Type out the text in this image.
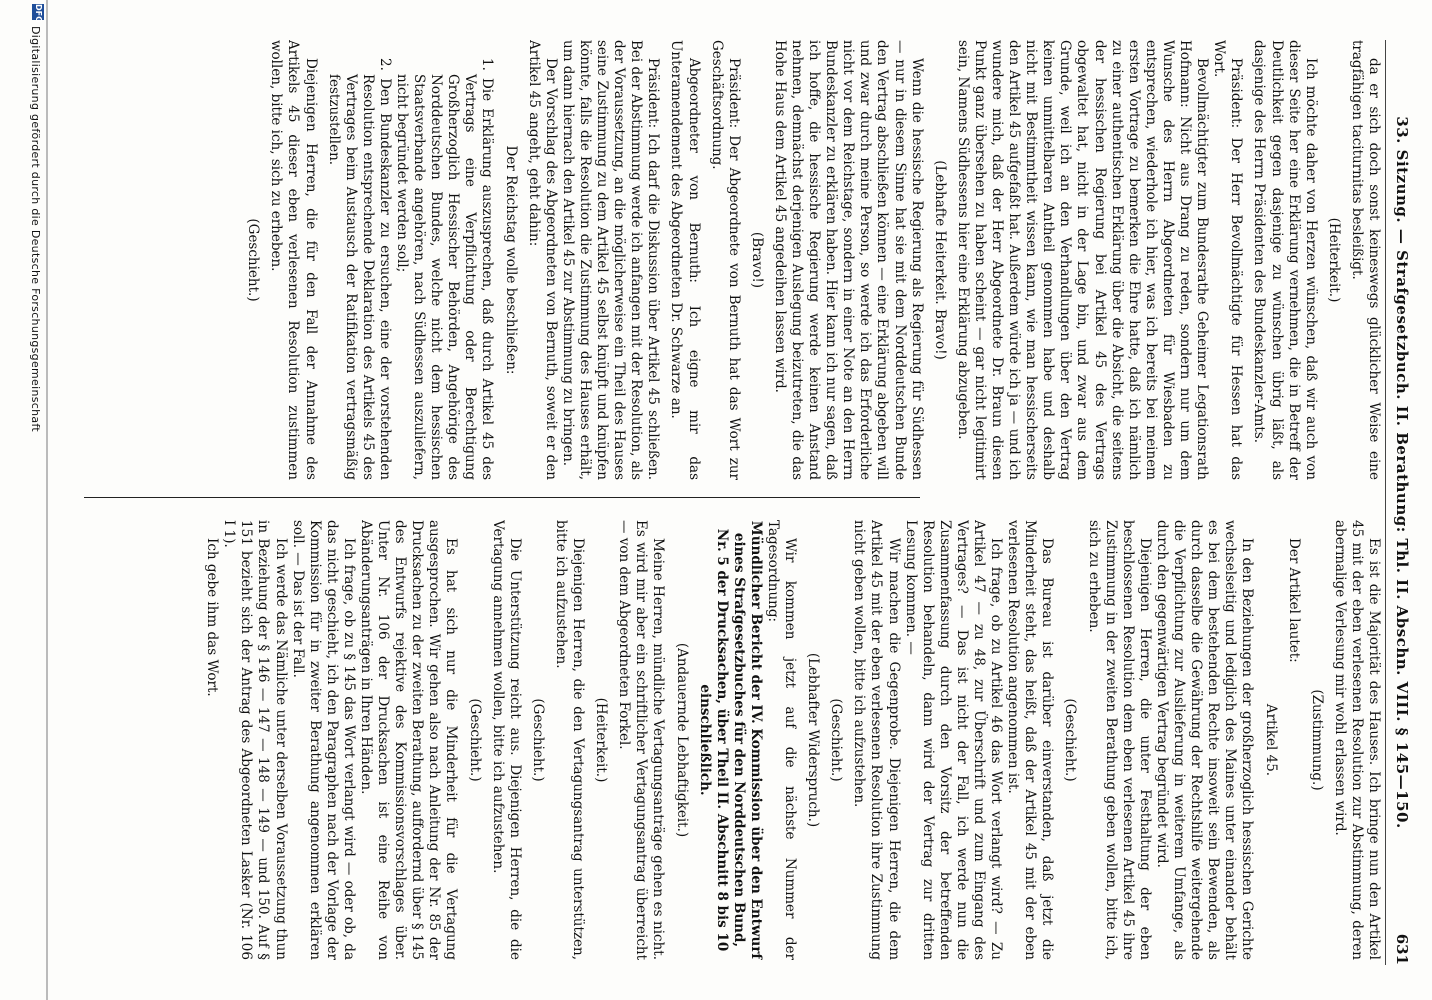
33. Sitzung. — Strafgesetzbuch. II. Berathung: Thl. II. Abschn. VIII. § 145—150.
631

da er sich doch sonst keineswegs glücklicher Weise eine tragfähigen taciturnitas besleißigt.

(Heiterkeit.)

Ich möchte daher von Herzen wünschen, daß wir auch von dieser Seite her eine Erklärung vernehmen, die in Betreff der Deutlichkeit gegen dasjenige zu wünschen übrig läßt, als dasjenige des Herrn Präsidenten des Bundeskanzler-Amts.

Präsident: Der Herr Bevollmächtigte für Hessen hat das Wort.

Bevollmächtigter zum Bundesrathe Geheimer Legationsrath Hofmann: Nicht aus Drang zu reden, sondern nur um dem Wunsche des Herrn Abgeordneten für Wiesbaden zu entsprechen, wiederhole ich hier, was ich bereits bei meinem ersten Vortrage zu bemerken die Ehre hatte, daß ich nämlich zu einer authentischen Erklärung über die Absicht, die seitens der hessischen Regierung bei Artikel 45 des Vertrags obgewaltet hat, nicht in der Lage bin, und zwar aus dem Grunde, weil ich an den Verhandlungen über den Vertrag keinen unmittelbaren Antheil genommen habe und deshalb nicht mit Bestimmtheit wissen kann, wie man hessischerseits den Artikel 45 aufgefaßt hat. Außerdem würde ich ja — und ich wundere mich, daß der Herr Abgeordnete Dr. Braun diesen Punkt ganz übersehen zu haben scheint — gar nicht legitimirt sein, Namens Südhessens hier eine Erklärung abzugeben.

(Lebhafte Heiterkeit. Bravo!)

Wenn die hessische Regierung als Regierung für Südhessen — nur in diesem Sinne hat sie mit dem Norddeutschen Bunde den Vertrag abschließen können — eine Erklärung abgeben will und zwar durch meine Person, so werde ich das Erforderliche nicht vor dem Reichstage, sondern in einer Note an den Herrn Bundeskanzler zu erklären haben. Hier kann ich nur sagen, daß ich hoffe, die hessische Regierung werde keinen Anstand nehmen, demnächst derjenigen Auslegung beizutreten, die das Hohe Haus dem Artikel 45 angedeihen lassen wird.

(Bravo!)

Präsident: Der Abgeordnete von Bernuth hat das Wort zur Geschäftsordnung.

Abgeordneter von Bernuth: Ich eigne mir das Unteramendement des Abgeordneten Dr. Schwarze an.

Präsident: Ich darf die Diskussion über Artikel 45 schließen. Bei der Abstimmung werde ich anfangen mit der Resolution, als der Voraussetzung, an die möglicherweise ein Theil des Hauses seine Zustimmung zu dem Artikel 45 selbst knüpft und knüpfen könnte, falls die Resolution die Zustimmung des Hauses erhält, um dann hiernach den Artikel 45 zur Abstimmung zu bringen.

Der Vorschlag des Abgeordneten von Bernuth, soweit er den Artikel 45 angeht, geht dahin:

Der Reichstag wolle beschließen:

1. Die Erklärung auszusprechen, daß durch Artikel 45 des Vertrags eine Verpflichtung oder Berechtigung Großherzoglich Hessischer Behörden, Angehörige des Norddeutschen Bundes, welche nicht dem hessischen Staatsverbande angehören, nach Südhessen auszuliefern, nicht begründet werden soll;

2. Den Bundeskanzler zu ersuchen, eine der vorstehenden Resolution entsprechende Deklaration des Artikels 45 des Vertrages beim Austausch der Ratifikation vertragsmäßig festzustellen.

Diejenigen Herren, die für den Fall der Annahme des Artikels 45 dieser eben verlesenen Resolution zustimmen wollen, bitte ich, sich zu erheben.

(Geschieht.)

Es ist die Majorität des Hauses. Ich bringe nun den Artikel 45 mit der eben verlesenen Resolution zur Abstimmung, deren abermalige Verlesung mir wohl erlassen wird.

(Zustimmung.)

Der Artikel lautet:

Artikel 45.

In den Beziehungen der großherzoglich hessischen Gerichte wechselseitig und lediglich des Maines unter einander behält es bei dem bestehenden Rechte insoweit sein Bewenden, als durch dasselbe die Gewährung der Rechtshilfe weitergehende die Verpflichtung zur Auslieferung in weiterem Umfange, als durch den gegenwärtigen Vertrag begründet wird.

Diejenigen Herren, die unter Festhaltung der eben beschlossenen Resolution dem eben verlesenen Artikel 45 ihre Zustimmung in der zweiten Berathung geben wollen, bitte ich, sich zu erheben.

(Geschieht.)

Das Bureau ist darüber einverstanden, daß jetzt die Minderheit steht, das heißt, daß der Artikel 45 mit der eben verlesenen Resolution angenommen ist.

Ich frage, ob zu Artikel 46 das Wort verlangt wird? — Zu Artikel 47 — zu 48, zur Überschrift und zum Eingang des Vertrages? — Das ist nicht der Fall, ich werde nun die Zusammenfassung durch den Vorsitz der betreffenden Resolution behandeln, dann wird der Vertrag zur dritten Lesung kommen. —

Wir machen die Gegenprobe. Diejenigen Herren, die dem Artikel 45 mit der eben verlesenen Resolution ihre Zustimmung nicht geben wollen, bitte ich aufzustehen.

(Geschieht.)

(Lebhafter Widerspruch.)

Wir kommen jetzt auf die nächste Nummer der Tagesordnung:

Mündlicher Bericht der IV. Kommission über den Entwurf eines Strafgesetzbuches für den Norddeutschen Bund, Nr. 5 der Drucksachen, über Theil II. Abschnitt 8 bis 10 einschließlich.

(Andauernde Lebhaftigkeit.)

Meine Herren, mündliche Vertagungsanträge gehen es nicht. Es wird mir aber ein schriftlicher Vertagungsantrag überreicht — von dem Abgeordneten Forkel.

(Heiterkeit.)

Diejenigen Herren, die den Vertagungsantrag unterstützen, bitte ich aufzustehen.

(Geschieht.)

Die Unterstützung reicht aus. Diejenigen Herren, die die Vertagung annehmen wollen, bitte ich aufzustehen.

(Geschieht.)

Es hat sich nur die Minderheit für die Vertagung ausgesprochen. Wir gehen also nach Anleitung der Nr. 85 der Drucksachen zu der zweiten Berathung, auffordernd über § 145 des Entwurfs rejektive des Kommissionsvorschlages über. Unter Nr. 106 der Drucksachen ist eine Reihe von Abänderungsanträgen in Ihren Händen.

Ich frage, ob zu § 145 das Wort verlangt wird — oder ob, da das nicht geschieht, ich den Paragraphen nach der Vorlage der Kommission für in zweiter Berathung angenommen erklären soll. — Das ist der Fall.

Ich werde das Nämliche unter derselben Voraussetzung thun in Beziehung der § 146 — 147 — 148 — 149 — und 150. Auf § 151 bezieht sich der Antrag des Abgeordneten Lasker (Nr. 106 I 1).

Ich gebe ihm das Wort.

DFG
Digitalisierung gefördert durch die Deutsche Forschungsgemeinschaft
